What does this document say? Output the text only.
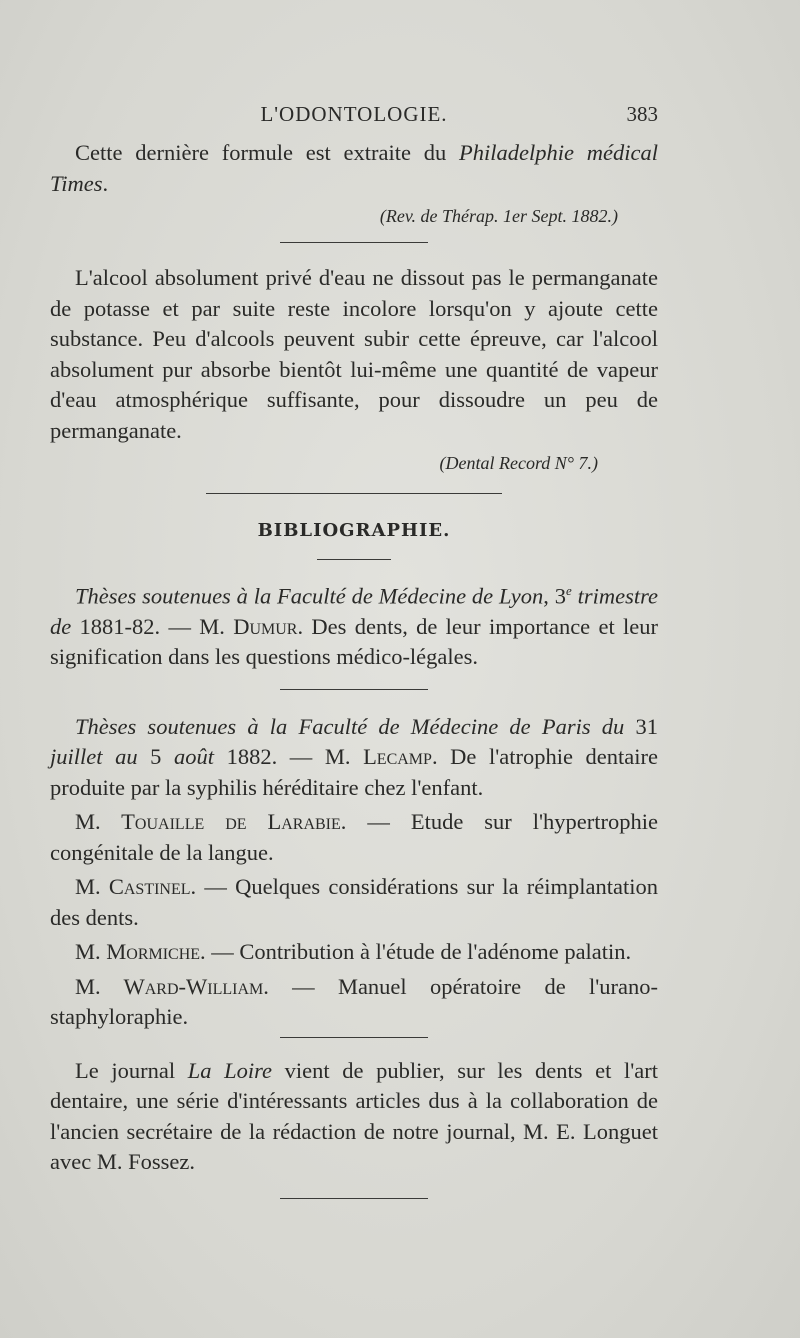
L'ODONTOLOGIE.	383

Cette dernière formule est extraite du Philadelphie médical Times.

(Rev. de Thérap. 1er Sept. 1882.)

L'alcool absolument privé d'eau ne dissout pas le permanganate de potasse et par suite reste incolore lorsqu'on y ajoute cette substance. Peu d'alcools peuvent subir cette épreuve, car l'alcool absolument pur absorbe bientôt lui-même une quantité de vapeur d'eau atmosphérique suffisante, pour dissoudre un peu de permanganate.

(Dental Record N° 7.)
BIBLIOGRAPHIE.

Thèses soutenues à la Faculté de Médecine de Lyon, 3e trimestre de 1881-82. — M. Dumur. Des dents, de leur importance et leur signification dans les questions médico-légales.

Thèses soutenues à la Faculté de Médecine de Paris du 31 juillet au 5 août 1882. — M. Lecamp. De l'atrophie dentaire produite par la syphilis héréditaire chez l'enfant.

M. Touaille de Larabie. — Etude sur l'hypertrophie congénitale de la langue.

M. Castinel. — Quelques considérations sur la réimplantation des dents.

M. Mormiche. — Contribution à l'étude de l'adénome palatin.

M. Ward-William. — Manuel opératoire de l'urano-staphyloraphie.

Le journal La Loire vient de publier, sur les dents et l'art dentaire, une série d'intéressants articles dus à la collaboration de l'ancien secrétaire de la rédaction de notre journal, M. E. Longuet avec M. Fossez.
